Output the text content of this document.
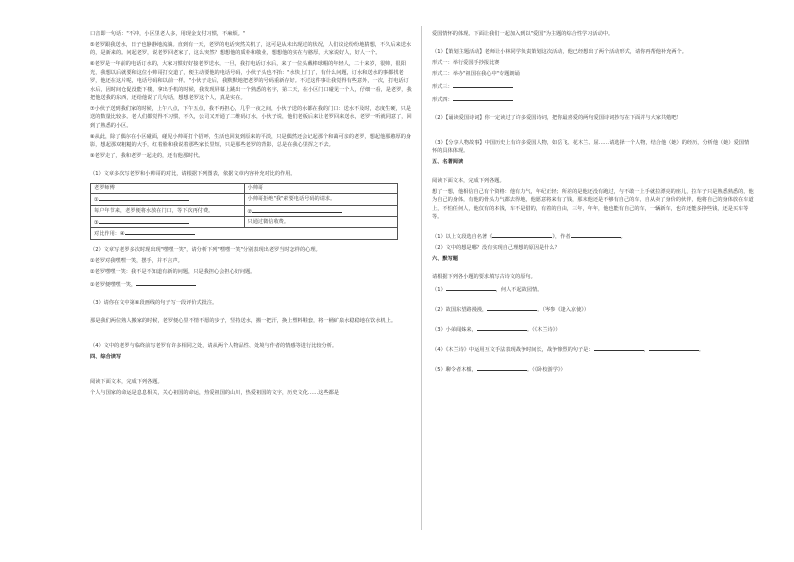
口音即一句话："不冲，小区里老人多，用现金支付习惯，不麻烦。"

⑤老罗跟我送水，日子也静静地流淌。直到有一天，老罗的电话突然关机了，这可是从未出现过的状况，人们议论纷纷地猜想，不久后来送水的，是新来的。问起老罗，说老罗回老家了，这么突然？想想他的质朴和敬业，想想他的实在与憨厚，大家说好人，好人一个。

⑥老罗是一年前的电话订水的，大家习惯好好接老罗送水，一旦，我打电话订水后，来了一位头戴棒球帽的年轻人，二十来岁，很帅，很阳光，我想以后就要和这位小帅哥打交道了，便主动要他的电话号码，小伙子头也不抬："水快上门了，有什么问题，订水和送水的事都找老罗，他还在这片呢，电话号码和以前一样。"小伙子走后，我默默地把老罗的号码重新存好。不过这件事让我觉得有些意外，一次，打电话订水后，因时间仓促没能下楼，拿出手机的时候，我发现屏幕上跳出一个熟悉的名字，第二天，在小区门口碰见一个人，仔细一看，是老罗，我把他送我的东西，还给他说了几句话，想想老罗这个人，真是实在。

⑦小伙子送到我们家的时候，上午八点，下午五点，我不再担心，几乎一夜之间，小伙子送的水都在我的门口：送水不及时，态度生硬，只是送的数量比较多。老人们都觉得不习惯，不久，公司又开通了二维码订水，小伙子说，他们老板后来让老罗回来送水，老罗一听就同意了，回到了熟悉的小区。

⑧从此，除了偶尔在小区碰面，碰见小帅哥打个招呼，生活也回复到原来的平淡，只是偶然还会记起那个和蔼可亲的老罗，想起他那憨厚的身影，想起那双粗糙的大手，红着脸和我说着那些家长里短，只是那些老罗的背影，总是在我心里挥之不去。

⑨老罗走了，我和老罗一起走的，还有他那时代。

（1）文章多次写老罗和小帅哥的对比，请根据下列图表，依据文章内容补充对比的作用。

老罗师傅	小帅哥
①	小帅哥拒绝"我"索要电话号码的请求。
每户年节来，老罗便将水放在门口，等下次再付费。	②
③	只通过微信收费。
对比作用：④	

（2）文章写老罗多次时现出现"嘿嘿一笑"，请分析下列"嘿嘿一笑"分别表现出老罗当时怎样的心理。

①老罗对我嘿嘿一笑，摆手，并不言声。

②老罗嘿嘿一笑：我不是不知道有新的问题，只是我担心会担心好问题。

①老罗便嘿嘿一笑，

（3）请你在文中第⑥段画线的句子写一段评价式批注。

那是我们两位熟人搬家的时候，老罗便心里不情不愿的步子，竖持送水，搬一把汗，换上塑料鞋套，将一桶矿泉水稳稳地在饮水机上。

（4）文中的老罗与临终前写老罗有许多相同之处，请从两个人物品性、处境与作者的情感等进行比较分析。

四、综合读写

阅读下面文本，完成下列各题。

个人与国家的命运是息息相关，关心祖国的命运，热爱祖国的山川，热爱祖国的文字，历史文化……这些都是

爱国情怀的体现。下面让我们一起加入到以"爱国"为主题的综合性学习活动中。

（1）【策划主题活动】老师让小林同学负责策划这次活动，他已经想出了两个活动形式，请你再帮他补充两个。

形式一：举行爱国手抄报比赛

形式二：举办"祖国在我心中"专题朗诵

形式三：

形式四：

（2）【诵读爱国诗词】你一定读过了许多爱国诗词，把你最喜爱的两句爱国诗词抄写在下面并与大家共勉吧！

（3）【分享人物故事】中国历史上有许多爱国人物，如岳飞、花木兰、屈……请选择一个人物，结合他（她）的经历，分析他（她）爱国情怀的具体体现。

五、名著阅读

阅读下面文本，完成下列各题。

想了一想，他相信自己有个资格：他有力气，年纪正轻；所差的是他还没有跑过，与不敢一上手就拉漂亮的座儿，拉车子只是熟悉熟悉的，他为自己的身体，有他的骨头力气都去得地，他愿意将来有了钱，那末他还是不够有自己的车，自从卖了身价的伙伴，他将自己的身体放在车道上，不怕任何人，他仅有的本钱，车不是借的，有着的自由，三年，年年，他也能有自己的车，一辆新车，也许还能多挣些钱，还是买车等等。

（1）以上文段选自名著《	》，作者	。

（2）文中的想是哪？没有实现自己理想的原因是什么？

六、默写题

请根据下列各小题的要求填写古诗文的原句。

（1）	，何人不起故园情。

（2）故国东望路漫漫，	。（岑参《逢入京使》）

（3）小弟闻姊来，	。（《木兰诗》）

（4）《木兰诗》中运用互文手法表现战争时间长，战争惨烈的句子是：	，	。

（5）聊令者木槛，	。（《卧校游学》）
